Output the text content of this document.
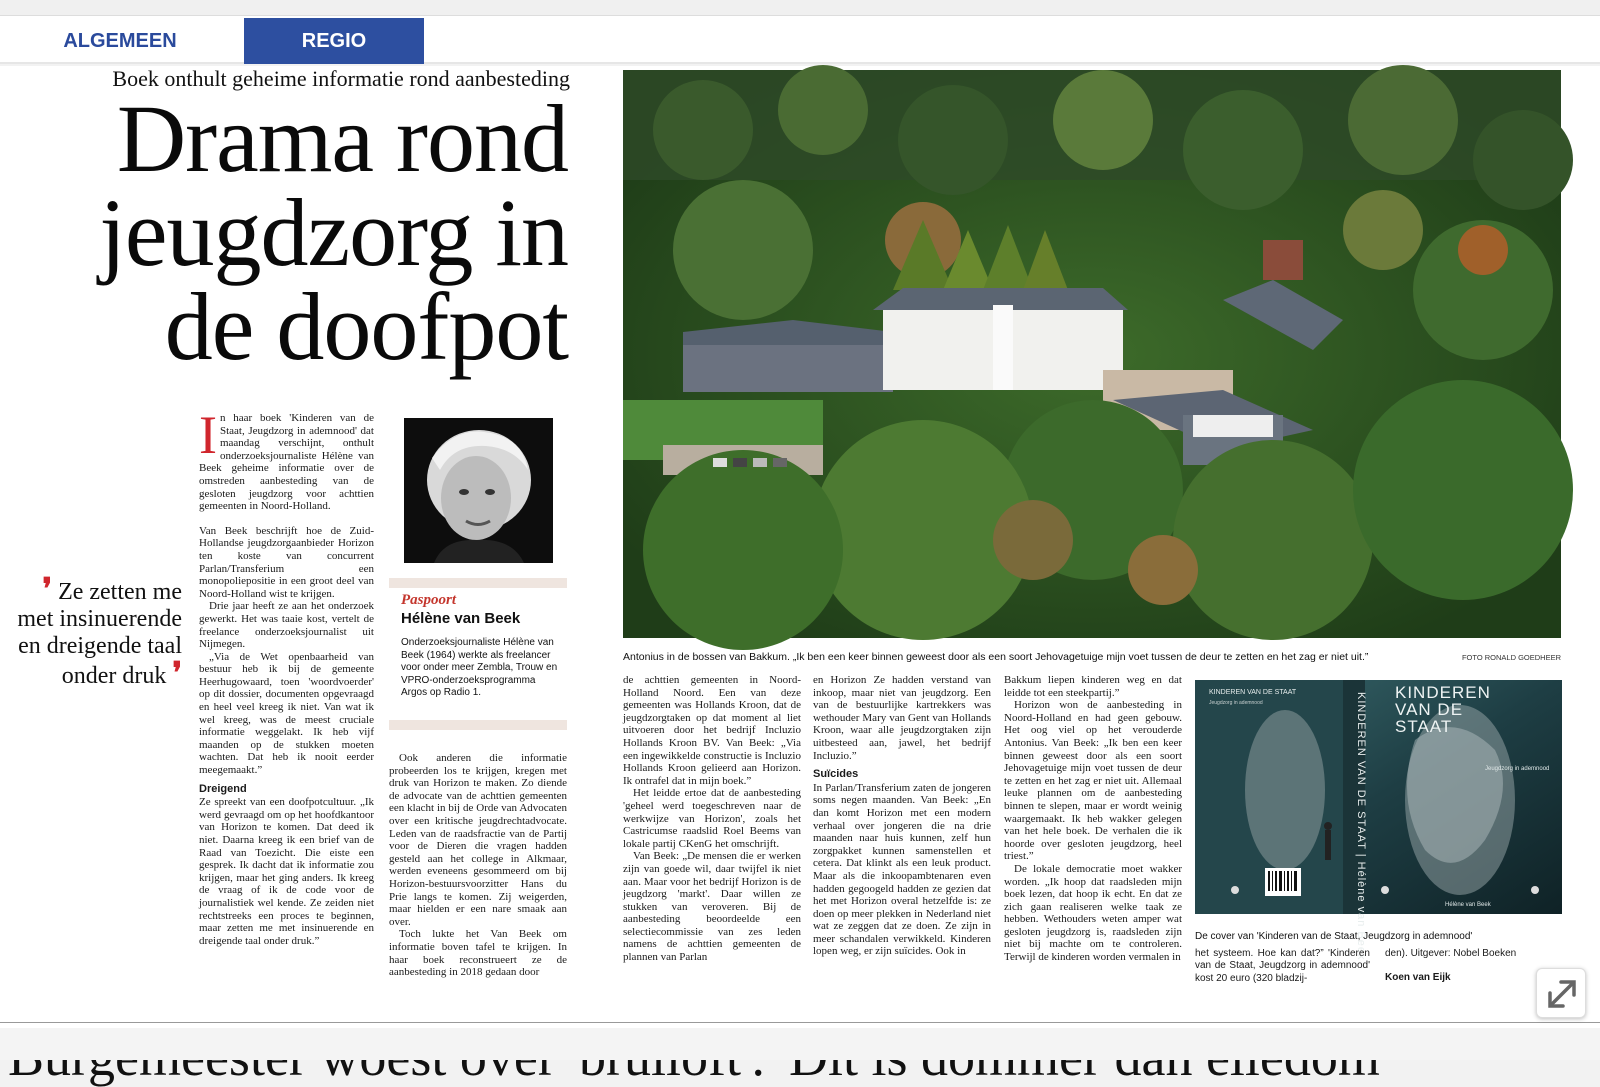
ALGEMEEN	REGIO
Boek onthult geheime informatie rond aanbesteding
Drama rond jeugdzorg in de doofpot
❜ Ze zetten me met insinuerende en dreigende taal onder druk ❜

In haar boek 'Kinderen van de Staat, Jeugdzorg in ademnood' dat maandag verschijnt, onthult onderzoeksjournaliste Hélène van Beek geheime informatie over de omstreden aanbesteding van de gesloten jeugdzorg voor achttien gemeenten in Noord-Holland.

Van Beek beschrijft hoe de Zuid-Hollandse jeugdzorgaanbieder Horizon ten koste van concurrent Parlan/Transferium een monopoliepositie in een groot deel van Noord-Holland wist te krijgen.

Drie jaar heeft ze aan het onderzoek gewerkt. Het was taaie kost, vertelt de freelance onderzoeksjournalist uit Nijmegen.

„Via de Wet openbaarheid van bestuur heb ik bij de gemeente Heerhugowaard, toen 'woordvoerder' op dit dossier, documenten opgevraagd en heel veel kreeg ik niet. Van wat ik wel kreeg, was de meest cruciale informatie weggelakt. Ik heb vijf maanden op de stukken moeten wachten. Dat heb ik nooit eerder meegemaakt.”

Dreigend

Ze spreekt van een doofpotcultuur. „Ik werd gevraagd om op het hoofdkantoor van Horizon te komen. Dat deed ik niet. Daarna kreeg ik een brief van de Raad van Toezicht. Die eiste een gesprek. Ik dacht dat ik informatie zou krijgen, maar het ging anders. Ik kreeg de vraag of ik de code voor de journalistiek wel kende. Ze zeiden niet rechtstreeks een proces te beginnen, maar zetten me met insinuerende en dreigende taal onder druk.”

Paspoort
Hélène van Beek
Onderzoeksjournaliste Hélène van Beek (1964) werkte als freelancer voor onder meer Zembla, Trouw en VPRO-onderzoeksprogramma Argos op Radio 1.

Ook anderen die informatie probeerden los te krijgen, kregen met druk van Horizon te maken. Zo diende de advocate van de achttien gemeenten een klacht in bij de Orde van Advocaten over een kritische jeugdrechtadvocate. Leden van de raadsfractie van de Partij voor de Dieren die vragen hadden gesteld aan het college in Alkmaar, werden eveneens gesommeerd om bij Horizon-bestuursvoorzitter Hans du Prie langs te komen. Zij weigerden, maar hielden er een nare smaak aan over.

Toch lukte het Van Beek om informatie boven tafel te krijgen. In haar boek reconstrueert ze de aanbesteding in 2018 gedaan door

Antonius in de bossen van Bakkum. „Ik ben een keer binnen geweest door als een soort Jehovagetuige mijn voet tussen de deur te zetten en het zag er niet uit.”	FOTO RONALD GOEDHEER

de achttien gemeenten in Noord-Holland Noord. Een van deze gemeenten was Hollands Kroon, dat de jeugdzorgtaken op dat moment al liet uitvoeren door het bedrijf Incluzio Hollands Kroon BV. Van Beek: „Via een ingewikkelde constructie is Incluzio Hollands Kroon gelieerd aan Horizon. Ik ontrafel dat in mijn boek.”

Het leidde ertoe dat de aanbesteding 'geheel werd toegeschreven naar de werkwijze van Horizon', zoals het Castricumse raadslid Roel Beems van lokale partij CKenG het omschrijft.

Van Beek: „De mensen die er werken zijn van goede wil, daar twijfel ik niet aan. Maar voor het bedrijf Horizon is de jeugdzorg 'markt'. Daar willen ze stukken van veroveren. Bij de aanbesteding beoordeelde een selectiecommissie van zes leden namens de achttien gemeenten de plannen van Parlan

en Horizon Ze hadden verstand van inkoop, maar niet van jeugdzorg. Een van de bestuurlijke kartrekkers was wethouder Mary van Gent van Hollands Kroon, waar alle jeugdzorgtaken zijn uitbesteed aan, jawel, het bedrijf Incluzio.”

Suïcides

In Parlan/Transferium zaten de jongeren soms negen maanden. Van Beek: „En dan komt Horizon met een modern verhaal over jongeren die na drie maanden naar huis kunnen, zelf hun zorgpakket kunnen samenstellen et cetera. Dat klinkt als een leuk product. Maar als die inkoopambtenaren even hadden gegoogeld hadden ze gezien dat het met Horizon overal hetzelfde is: ze doen op meer plekken in Nederland niet wat ze zeggen dat ze doen. Ze zijn in meer schandalen verwikkeld. Kinderen lopen weg, er zijn suïcides. Ook in

Bakkum liepen kinderen weg en dat leidde tot een steekpartij.”

Horizon won de aanbesteding in Noord-Holland en had geen gebouw. Het oog viel op het verouderde Antonius. Van Beek: „Ik ben een keer binnen geweest door als een soort Jehovagetuige mijn voet tussen de deur te zetten en het zag er niet uit. Allemaal leuke plannen om de aanbesteding binnen te slepen, maar er wordt weinig waargemaakt. Ik heb wakker gelegen van het hele boek. De verhalen die ik hoorde over gesloten jeugdzorg, heel triest.”

De lokale democratie moet wakker worden. „Ik hoop dat raadsleden mijn boek lezen, dat hoop ik echt. En dat ze zich gaan realiseren welke taak ze hebben. Wethouders weten amper wat gesloten jeugdzorg is, raadsleden zijn niet bij machte om te controleren. Terwijl de kinderen worden vermalen in

KINDEREN VAN DE STAAT
Jeugdzorg in ademnood	KINDEREN VAN DE STAAT | Hélène van Beek KINDEREN
VAN DE
STAAT
Jeugdzorg in ademnood
Hélène van Beek
De cover van 'Kinderen van de Staat, Jeugdzorg in ademnood'

het systeem. Hoe kan dat?” 'Kinderen van de Staat, Jeugdzorg in ademnood' kost 20 euro (320 bladzij-

den). Uitgever: Nobel Boeken

Koen van Eijk
